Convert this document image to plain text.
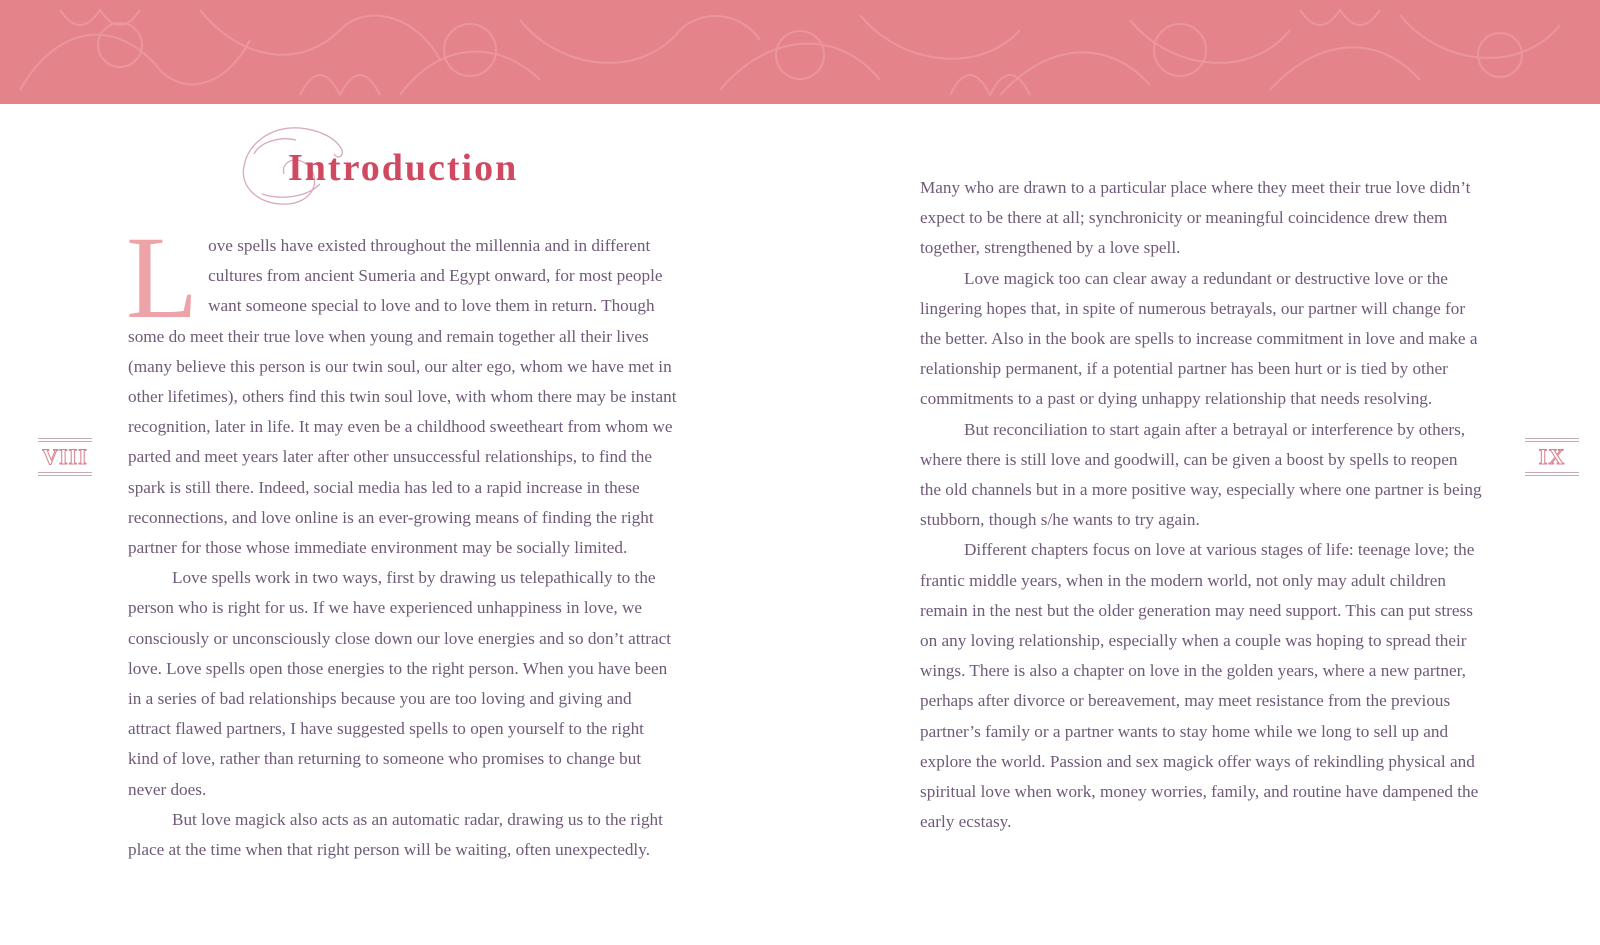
VIII	IX
Introduction

Love spells have existed throughout the millennia and in different cultures from ancient Sumeria and Egypt onward, for most people want someone special to love and to love them in return. Though some do meet their true love when young and remain together all their lives (many believe this person is our twin soul, our alter ego, whom we have met in other lifetimes), others find this twin soul love, with whom there may be instant recognition, later in life. It may even be a childhood sweetheart from whom we parted and meet years later after other unsuccessful relationships, to find the spark is still there. Indeed, social media has led to a rapid increase in these reconnections, and love online is an ever-growing means of finding the right partner for those whose immediate environment may be socially limited.

Love spells work in two ways, first by drawing us telepathically to the person who is right for us. If we have experienced unhappiness in love, we consciously or unconsciously close down our love energies and so don’t attract love. Love spells open those energies to the right person. When you have been in a series of bad relationships because you are too loving and giving and attract flawed partners, I have suggested spells to open yourself to the right kind of love, rather than returning to someone who promises to change but never does.

But love magick also acts as an automatic radar, drawing us to the right place at the time when that right person will be waiting, often unexpectedly.

Many who are drawn to a particular place where they meet their true love didn’t expect to be there at all; synchronicity or meaningful coincidence drew them together, strengthened by a love spell.

Love magick too can clear away a redundant or destructive love or the lingering hopes that, in spite of numerous betrayals, our partner will change for the better. Also in the book are spells to increase commitment in love and make a relationship permanent, if a potential partner has been hurt or is tied by other commitments to a past or dying unhappy relationship that needs resolving.

But reconciliation to start again after a betrayal or interference by others, where there is still love and goodwill, can be given a boost by spells to reopen the old channels but in a more positive way, especially where one partner is being stubborn, though s/he wants to try again.

Different chapters focus on love at various stages of life: teenage love; the frantic middle years, when in the modern world, not only may adult children remain in the nest but the older generation may need support. This can put stress on any loving relationship, especially when a couple was hoping to spread their wings. There is also a chapter on love in the golden years, where a new partner, perhaps after divorce or bereavement, may meet resistance from the previous partner’s family or a partner wants to stay home while we long to sell up and explore the world. Passion and sex magick offer ways of rekindling physical and spiritual love when work, money worries, family, and routine have dampened the early ecstasy.
